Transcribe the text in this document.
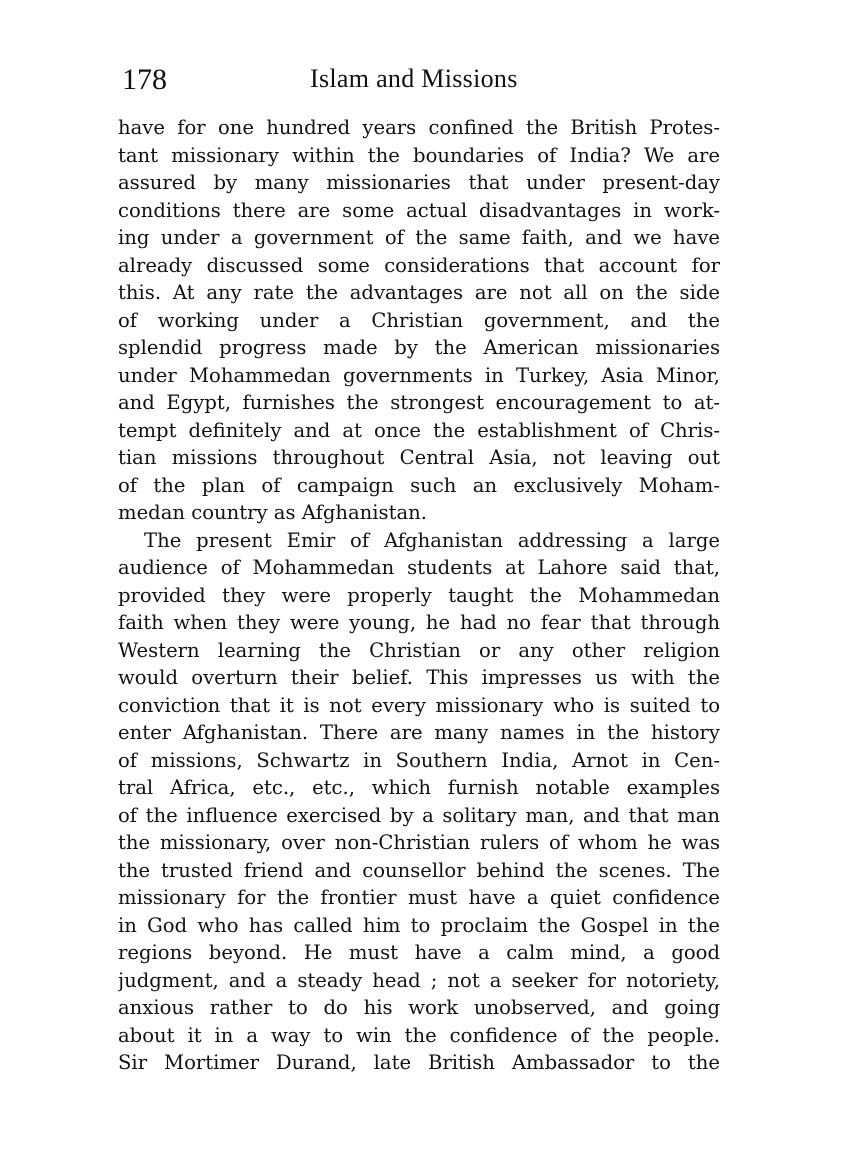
178	Islam and Missions
have for one hundred years confined the British Protes-
tant missionary within the boundaries of India? We are
assured by many missionaries that under present-day
conditions there are some actual disadvantages in work-
ing under a government of the same faith, and we have
already discussed some considerations that account for
this. At any rate the advantages are not all on the side
of working under a Christian government, and the
splendid progress made by the American missionaries
under Mohammedan governments in Turkey, Asia Minor,
and Egypt, furnishes the strongest encouragement to at-
tempt definitely and at once the establishment of Chris-
tian missions throughout Central Asia, not leaving out
of the plan of campaign such an exclusively Moham-
medan country as Afghanistan.
The present Emir of Afghanistan addressing a large
audience of Mohammedan students at Lahore said that,
provided they were properly taught the Mohammedan
faith when they were young, he had no fear that through
Western learning the Christian or any other religion
would overturn their belief. This impresses us with the
conviction that it is not every missionary who is suited to
enter Afghanistan. There are many names in the history
of missions, Schwartz in Southern India, Arnot in Cen-
tral Africa, etc., etc., which furnish notable examples
of the influence exercised by a solitary man, and that man
the missionary, over non-Christian rulers of whom he was
the trusted friend and counsellor behind the scenes. The
missionary for the frontier must have a quiet confidence
in God who has called him to proclaim the Gospel in the
regions beyond. He must have a calm mind, a good
judgment, and a steady head ; not a seeker for notoriety,
anxious rather to do his work unobserved, and going
about it in a way to win the confidence of the people.
Sir Mortimer Durand, late British Ambassador to the
